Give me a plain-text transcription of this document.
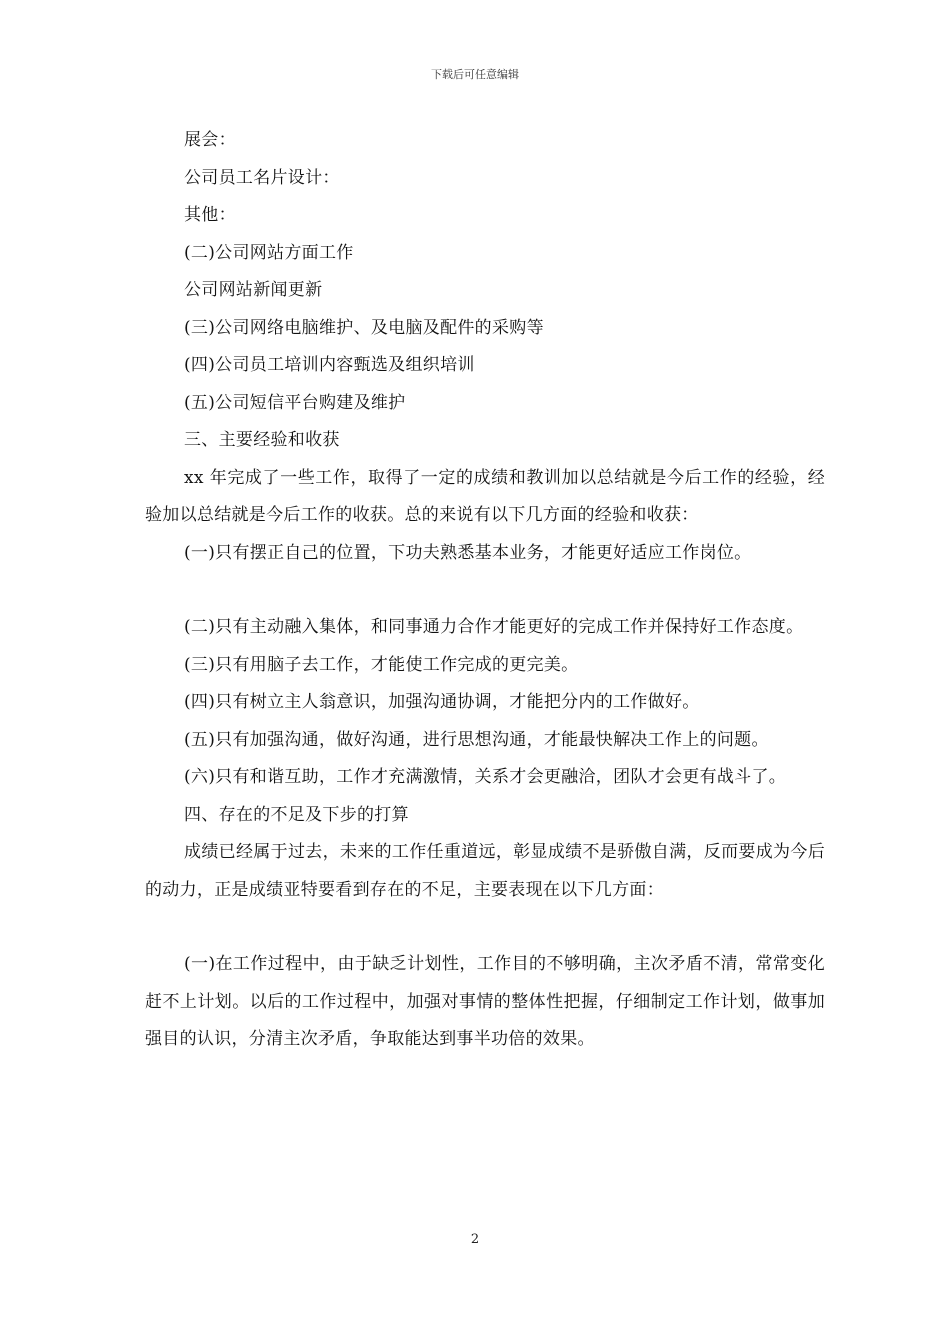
下载后可任意编辑

展会：

公司员工名片设计：

其他：

(二)公司网站方面工作

公司网站新闻更新

(三)公司网络电脑维护、及电脑及配件的采购等

(四)公司员工培训内容甄选及组织培训

(五)公司短信平台购建及维护

三、主要经验和收获

xx 年完成了一些工作，取得了一定的成绩和教训加以总结就是今后工作的经验，经验加以总结就是今后工作的收获。总的来说有以下几方面的经验和收获：

(一)只有摆正自己的位置，下功夫熟悉基本业务，才能更好适应工作岗位。

(二)只有主动融入集体，和同事通力合作才能更好的完成工作并保持好工作态度。

(三)只有用脑子去工作，才能使工作完成的更完美。

(四)只有树立主人翁意识，加强沟通协调，才能把分内的工作做好。

(五)只有加强沟通，做好沟通，进行思想沟通，才能最快解决工作上的问题。

(六)只有和谐互助，工作才充满激情，关系才会更融洽，团队才会更有战斗了。

四、存在的不足及下步的打算

成绩已经属于过去，未来的工作任重道远，彰显成绩不是骄傲自满，反而要成为今后的动力，正是成绩亚特要看到存在的不足，主要表现在以下几方面：

(一)在工作过程中，由于缺乏计划性，工作目的不够明确，主次矛盾不清，常常变化赶不上计划。以后的工作过程中，加强对事情的整体性把握，仔细制定工作计划，做事加强目的认识，分清主次矛盾，争取能达到事半功倍的效果。

2
